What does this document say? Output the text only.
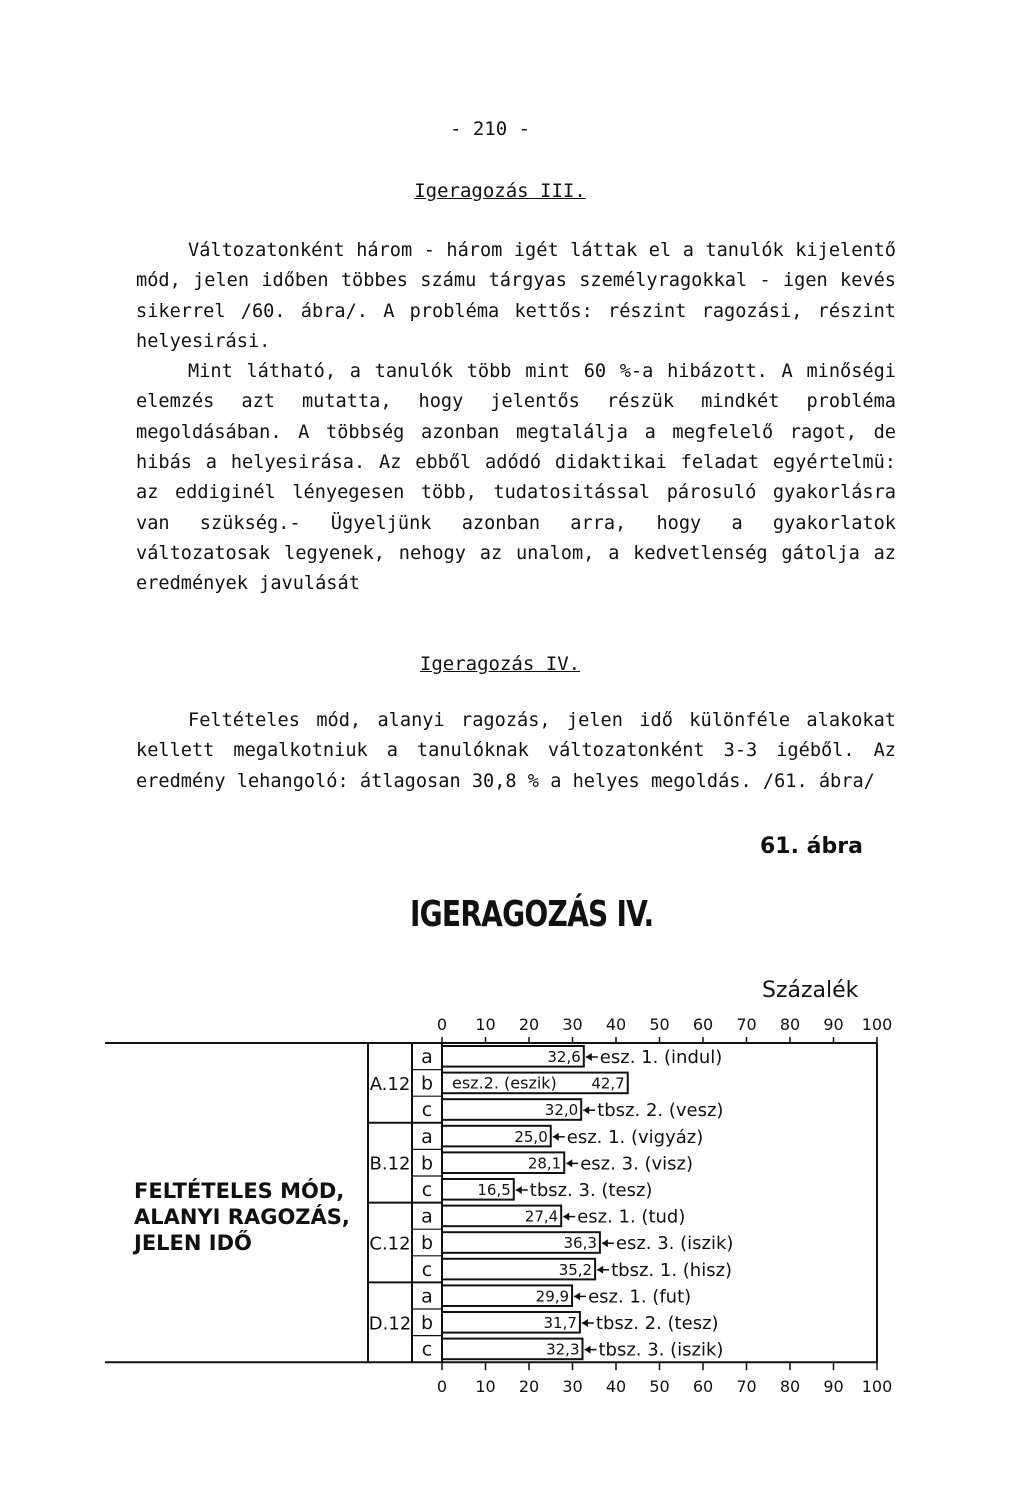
- 210 -
Igeragozás III.

Változatonként három - három igét láttak el a tanulók kijelentő mód, jelen időben többes számu tárgyas személyragokkal - igen kevés sikerrel /60. ábra/. A probléma kettős: részint ragozási, részint helyesirási.

Mint látható, a tanulók több mint 60 %-a hibázott. A minőségi elemzés azt mutatta, hogy jelentős részük mindkét probléma megoldásában. A többség azonban megtalálja a megfelelő ragot, de hibás a helyesirása. Az ebből adódó didaktikai feladat egyértelmü: az eddiginél lényegesen több, tudatositással párosuló gyakorlásra van szükség.- Ügyeljünk azonban arra, hogy a gyakorlatok változatosak legyenek, nehogy az unalom, a kedvetlenség gátolja az eredmények javulását

Igeragozás IV.

Feltételes mód, alanyi ragozás, jelen idő különféle alakokat kellett megalkotniuk a tanulóknak változatonként 3-3 igéből. Az eredmény lehangoló: átlagosan 30,8 % a helyes megoldás. /61. ábra/

61. ábra
IGERAGOZÁS IV.
Százalék
FELTÉTELES MÓD, ALANYI RAGOZÁS, JELEN IDŐ
0
0
10
10
20
20
30
30
40
40
50
50
60
60
70
70
80
80
90
90
100
100
A.12
a	32,6 esz. 1. (indul)
b esz.2. (eszik) 42,7
c	32,0 tbsz. 2. (vesz)
B.12
a	25,0 esz. 1. (vigyáz)
b	28,1 esz. 3. (visz)
c	16,5 tbsz. 3. (tesz)
C.12
a	27,4 esz. 1. (tud)
b	36,3 esz. 3. (iszik)
c	35,2 tbsz. 1. (hisz)
D.12
a	29,9 esz. 1. (fut)
b	31,7 tbsz. 2. (tesz)
c	32,3 tbsz. 3. (iszik)
